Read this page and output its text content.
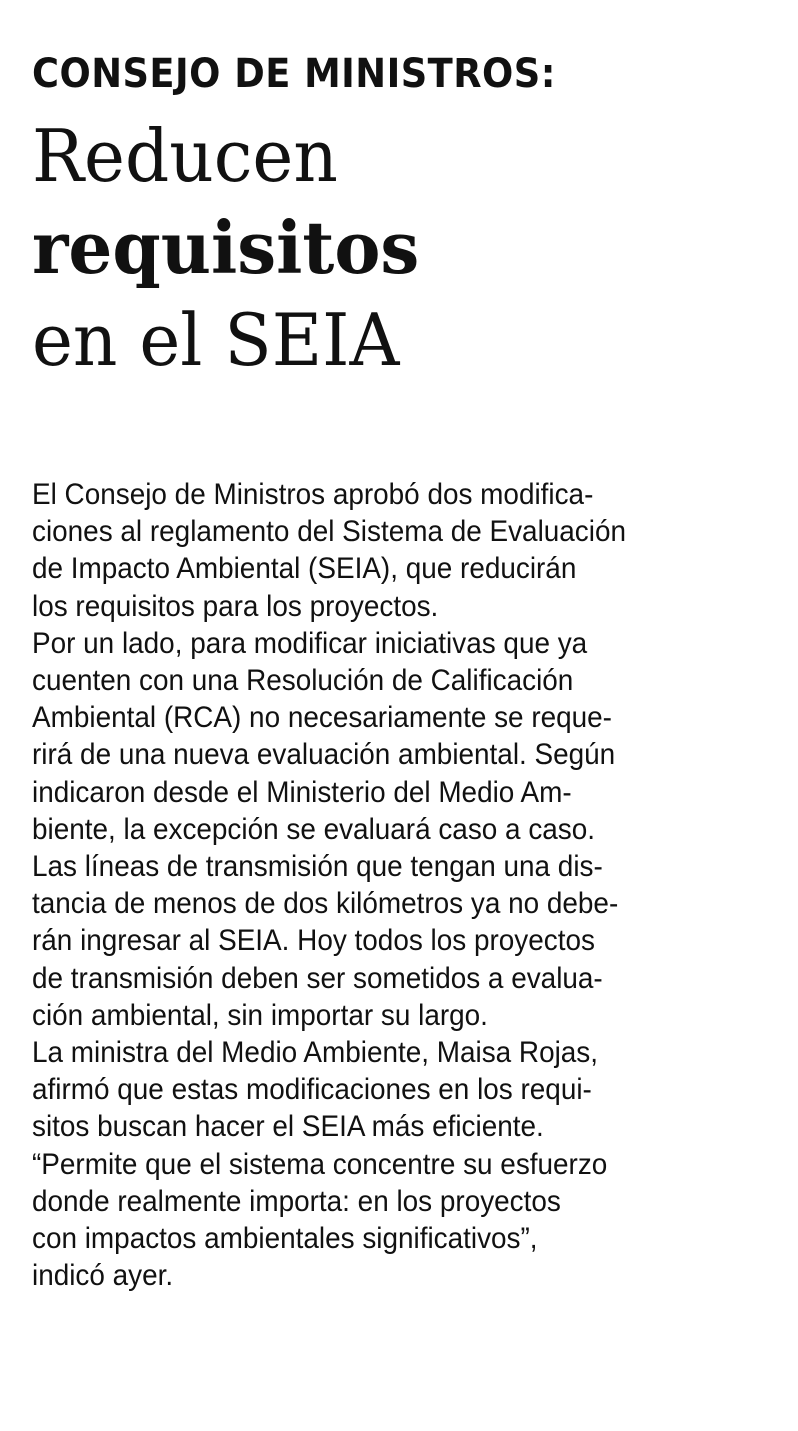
CONSEJO DE MINISTROS:
Reducen
requisitos
en el SEIA
El Consejo de Ministros aprobó dos modifica-
ciones al reglamento del Sistema de Evaluación
de Impacto Ambiental (SEIA), que reducirán
los requisitos para los proyectos.
Por un lado, para modificar iniciativas que ya
cuenten con una Resolución de Calificación
Ambiental (RCA) no necesariamente se reque-
rirá de una nueva evaluación ambiental. Según
indicaron desde el Ministerio del Medio Am-
biente, la excepción se evaluará caso a caso.
Las líneas de transmisión que tengan una dis-
tancia de menos de dos kilómetros ya no debe-
rán ingresar al SEIA. Hoy todos los proyectos
de transmisión deben ser sometidos a evalua-
ción ambiental, sin importar su largo.
La ministra del Medio Ambiente, Maisa Rojas,
afirmó que estas modificaciones en los requi-
sitos buscan hacer el SEIA más eficiente.
“Permite que el sistema concentre su esfuerzo
donde realmente importa: en los proyectos
con impactos ambientales significativos”,
indicó ayer.
